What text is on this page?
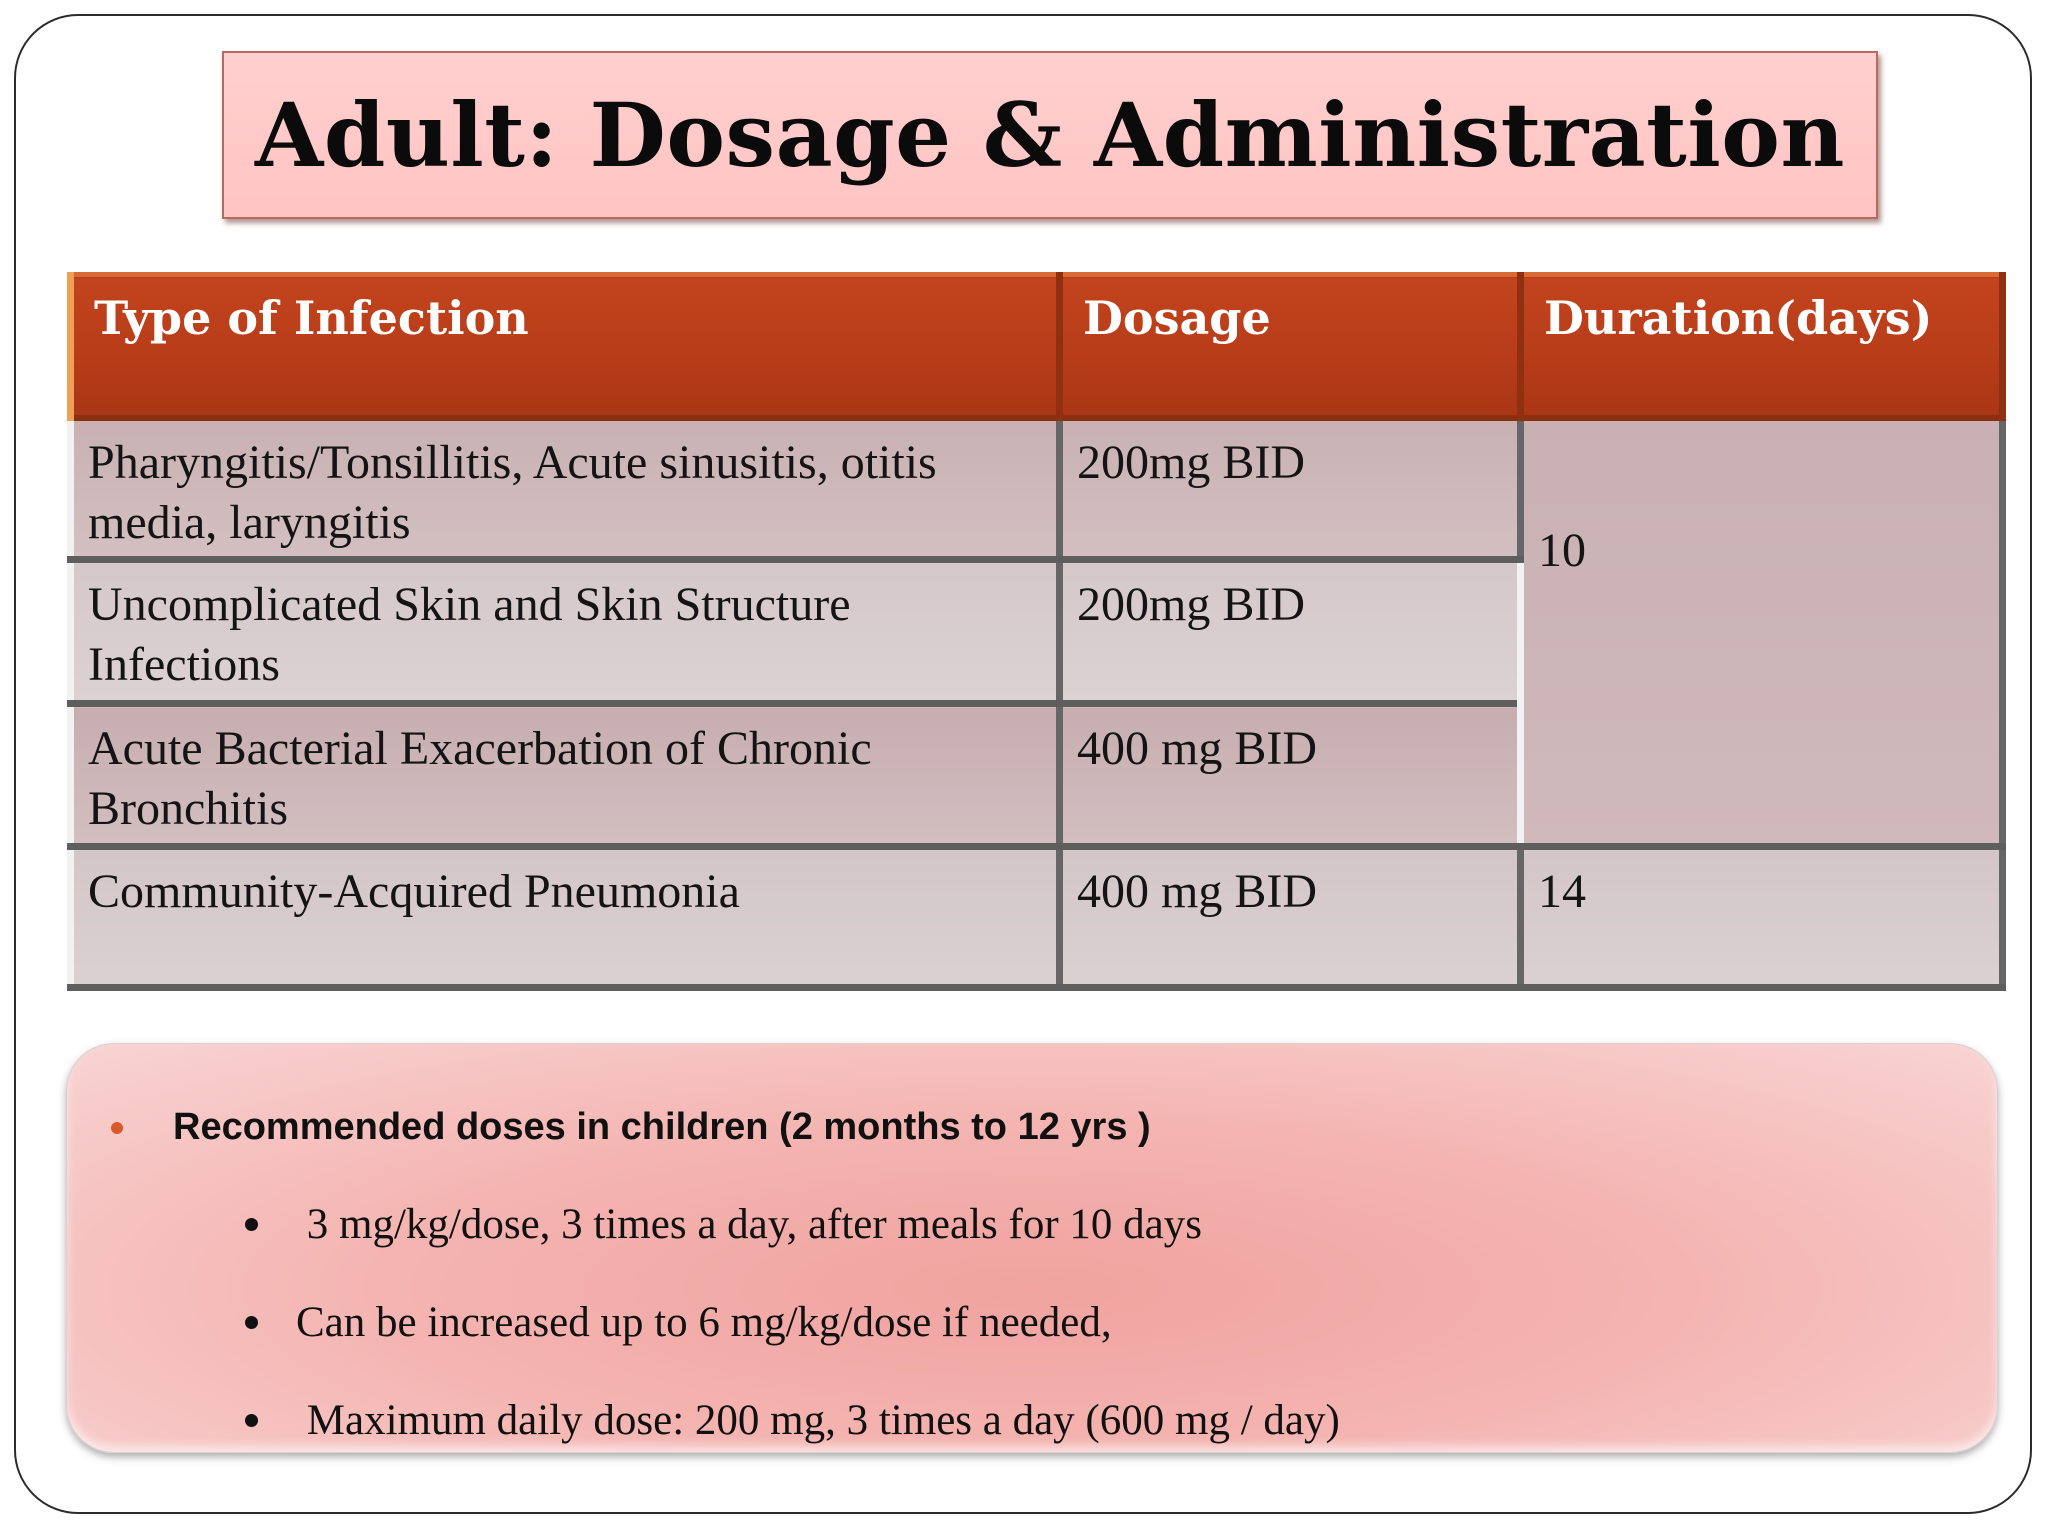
Adult: Dosage & Administration
Type of Infection	Dosage	Duration(days)
Pharyngitis/Tonsillitis, Acute sinusitis, otitis media, laryngitis	200mg BID	10
Uncomplicated Skin and Skin Structure Infections	200mg BID	
Acute Bacterial Exacerbation of Chronic Bronchitis	400 mg BID	
Community-Acquired Pneumonia	400 mg BID	14
Recommended doses in children (2 months to 12 yrs )
3 mg/kg/dose, 3 times a day, after meals for 10 days
Can be increased up to 6 mg/kg/dose if needed,
Maximum daily dose: 200 mg, 3 times a day (600 mg / day)
